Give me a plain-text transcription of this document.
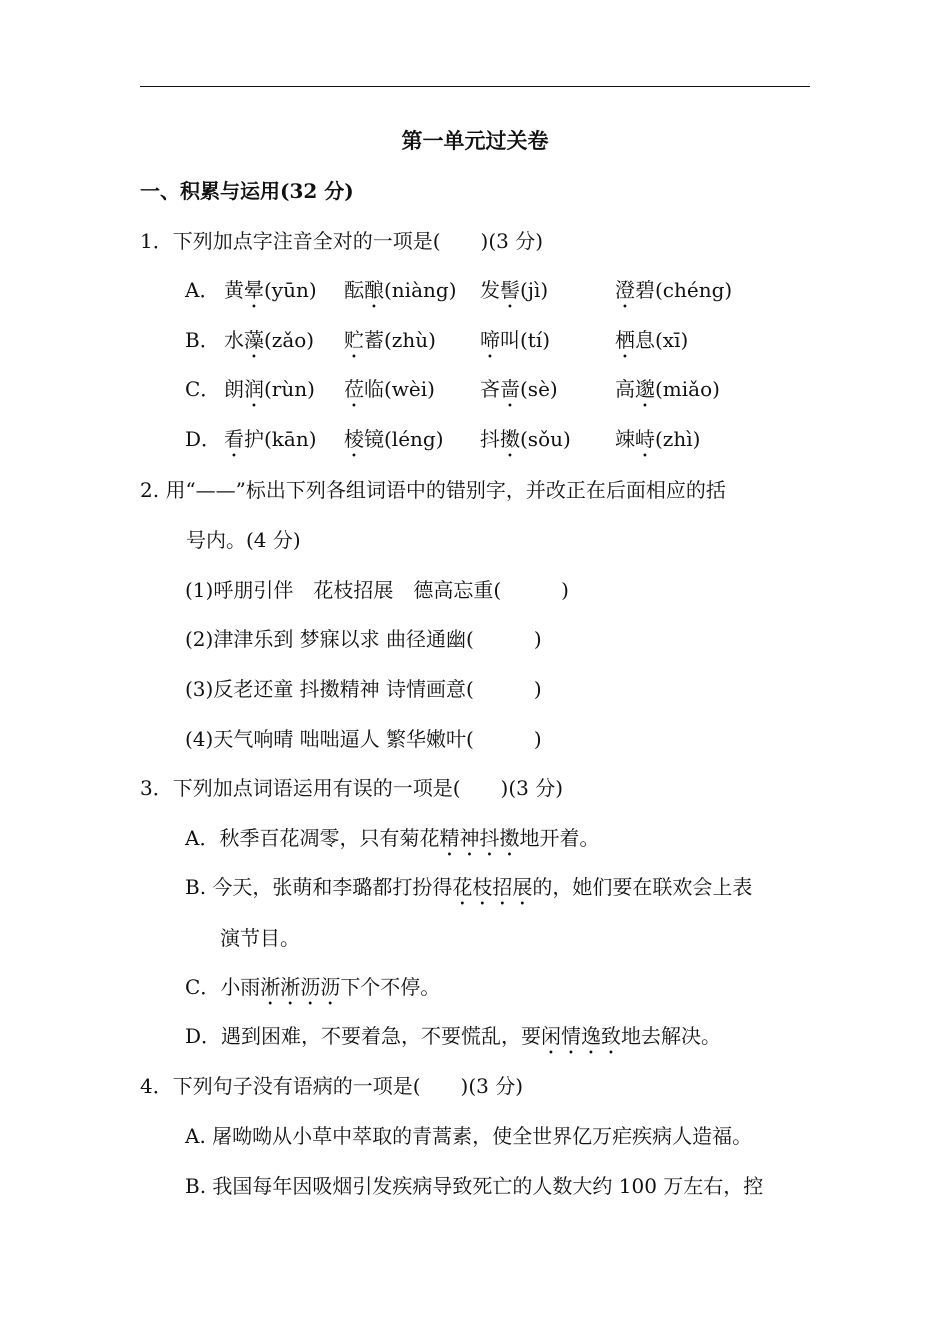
第一单元过关卷
一、积累与运用(32 分)
1．下列加点字注音全对的一项是(　　)(3 分)
A． 黄晕(yūn) 酝酿(niàng) 发髻(jì)	澄碧(chéng)
B． 水藻(zǎo) 贮蓄(zhù) 啼叫(tí)	栖息(xī)
C． 朗润(rùn) 莅临(wèi) 吝啬(sè)	高邈(miǎo)
D． 看护(kān) 棱镜(léng) 抖擞(sǒu) 竦峙(zhì)
2. 用“——”标出下列各组词语中的错别字，并改正在后面相应的括
号内。(4 分)
(1)呼朋引伴　花枝招展　德高忘重(　　　)
(2)津津乐到 梦寐以求 曲径通幽(　　　)
(3)反老还童 抖擞精神 诗情画意(　　　)
(4)天气响晴 咄咄逼人 繁华嫩叶(　　　)
3．下列加点词语运用有误的一项是(　　)(3 分)
A．秋季百花凋零，只有菊花精神抖擞地开着。
B. 今天，张萌和李璐都打扮得花枝招展的，她们要在联欢会上表
演节目。
C．小雨淅淅沥沥下个不停。
D．遇到困难，不要着急，不要慌乱，要闲情逸致地去解决。
4．下列句子没有语病的一项是(　　)(3 分)
A. 屠呦呦从小草中萃取的青蒿素，使全世界亿万疟疾病人造福。
B. 我国每年因吸烟引发疾病导致死亡的人数大约 100 万左右，控
